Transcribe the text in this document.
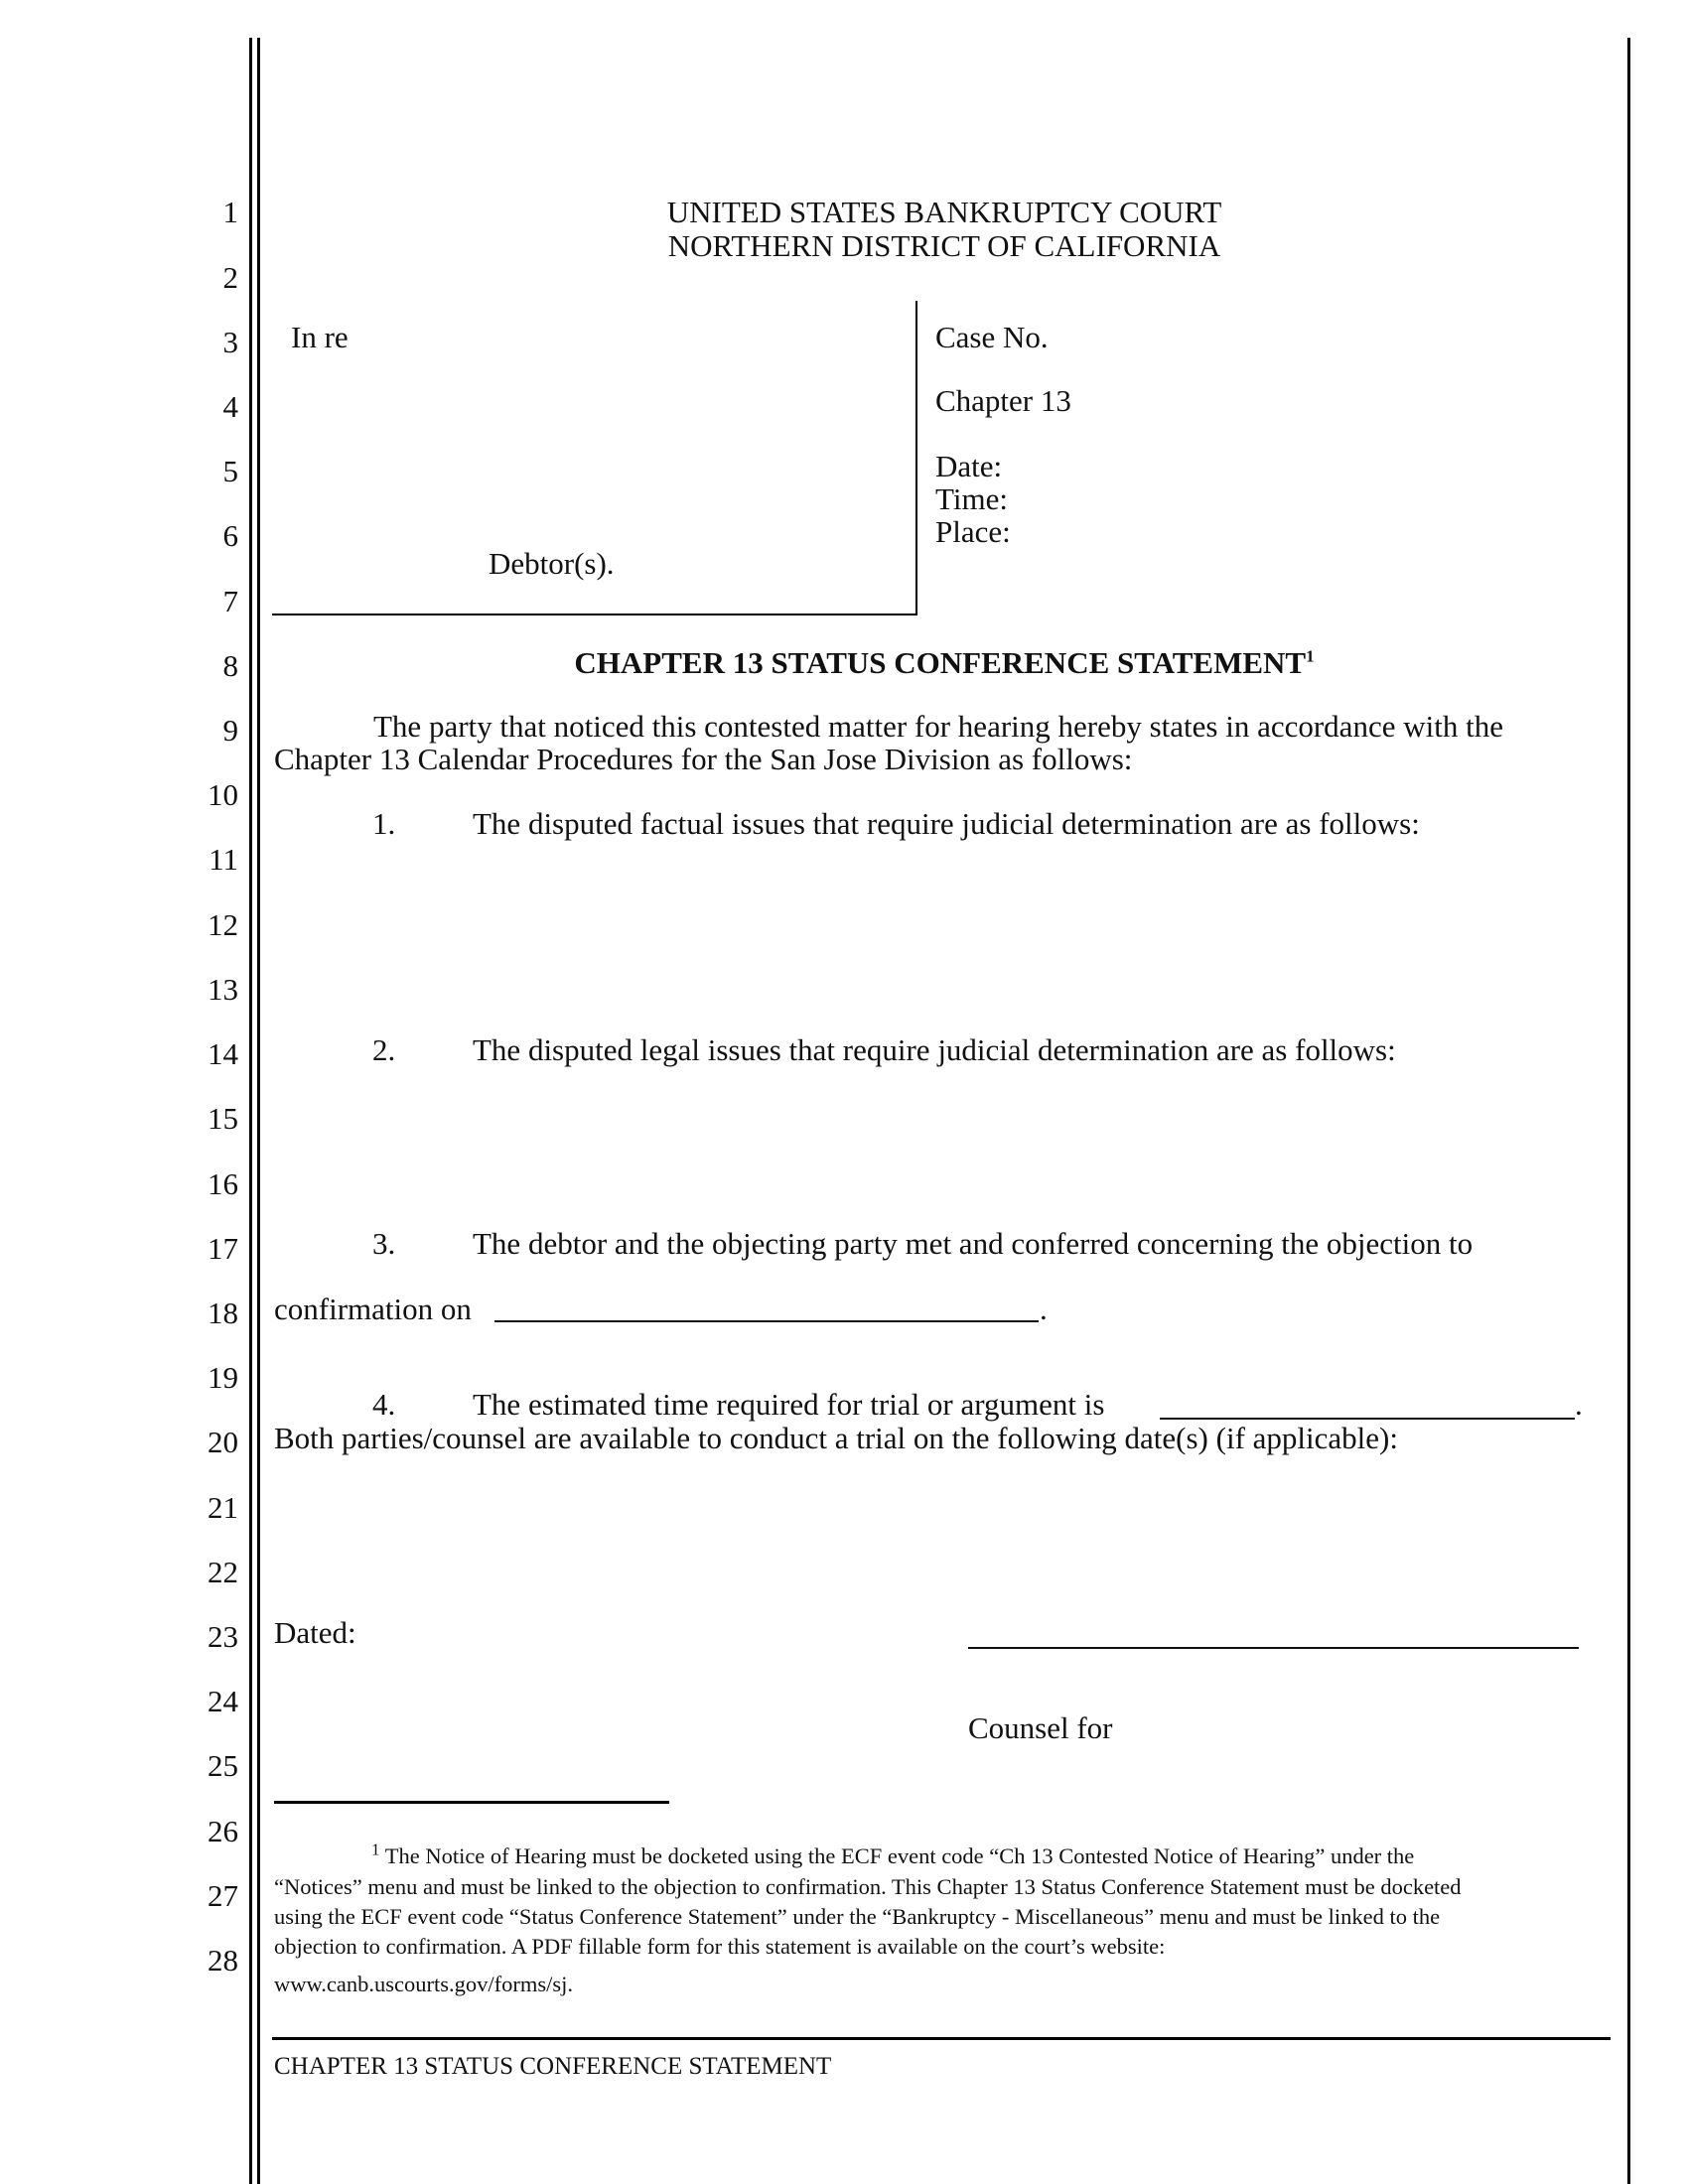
1
2
3
4
5
6
7
8
9
10
11
12
13
14
15
16
17
18
19
20
21
22
23
24
25
26
27
28
UNITED STATES BANKRUPTCY COURT
NORTHERN DISTRICT OF CALIFORNIA
In re
Debtor(s).
Case No.
Chapter 13
Date:
Time:
Place:
CHAPTER 13 STATUS CONFERENCE STATEMENT$^1$
The party that noticed this contested matter for hearing hereby states in accordance with the
Chapter 13 Calendar Procedures for the San Jose Division as follows:
1.	The disputed factual issues that require judicial determination are as follows:
2.	The disputed legal issues that require judicial determination are as follows:
3.	The debtor and the objecting party met and conferred concerning the objection to
confirmation on	.
4.	The estimated time required for trial or argument is	.
Both parties/counsel are available to conduct a trial on the following date(s) (if applicable):
Dated:
Counsel for
$^1$ The Notice of Hearing must be docketed using the ECF event code “Ch 13 Contested Notice of Hearing” under the
“Notices” menu and must be linked to the objection to confirmation. This Chapter 13 Status Conference Statement must be docketed
using the ECF event code “Status Conference Statement” under the “Bankruptcy - Miscellaneous” menu and must be linked to the
objection to confirmation. A PDF fillable form for this statement is available on the court’s website:
www.canb.uscourts.gov/forms/sj.
CHAPTER 13 STATUS CONFERENCE STATEMENT
